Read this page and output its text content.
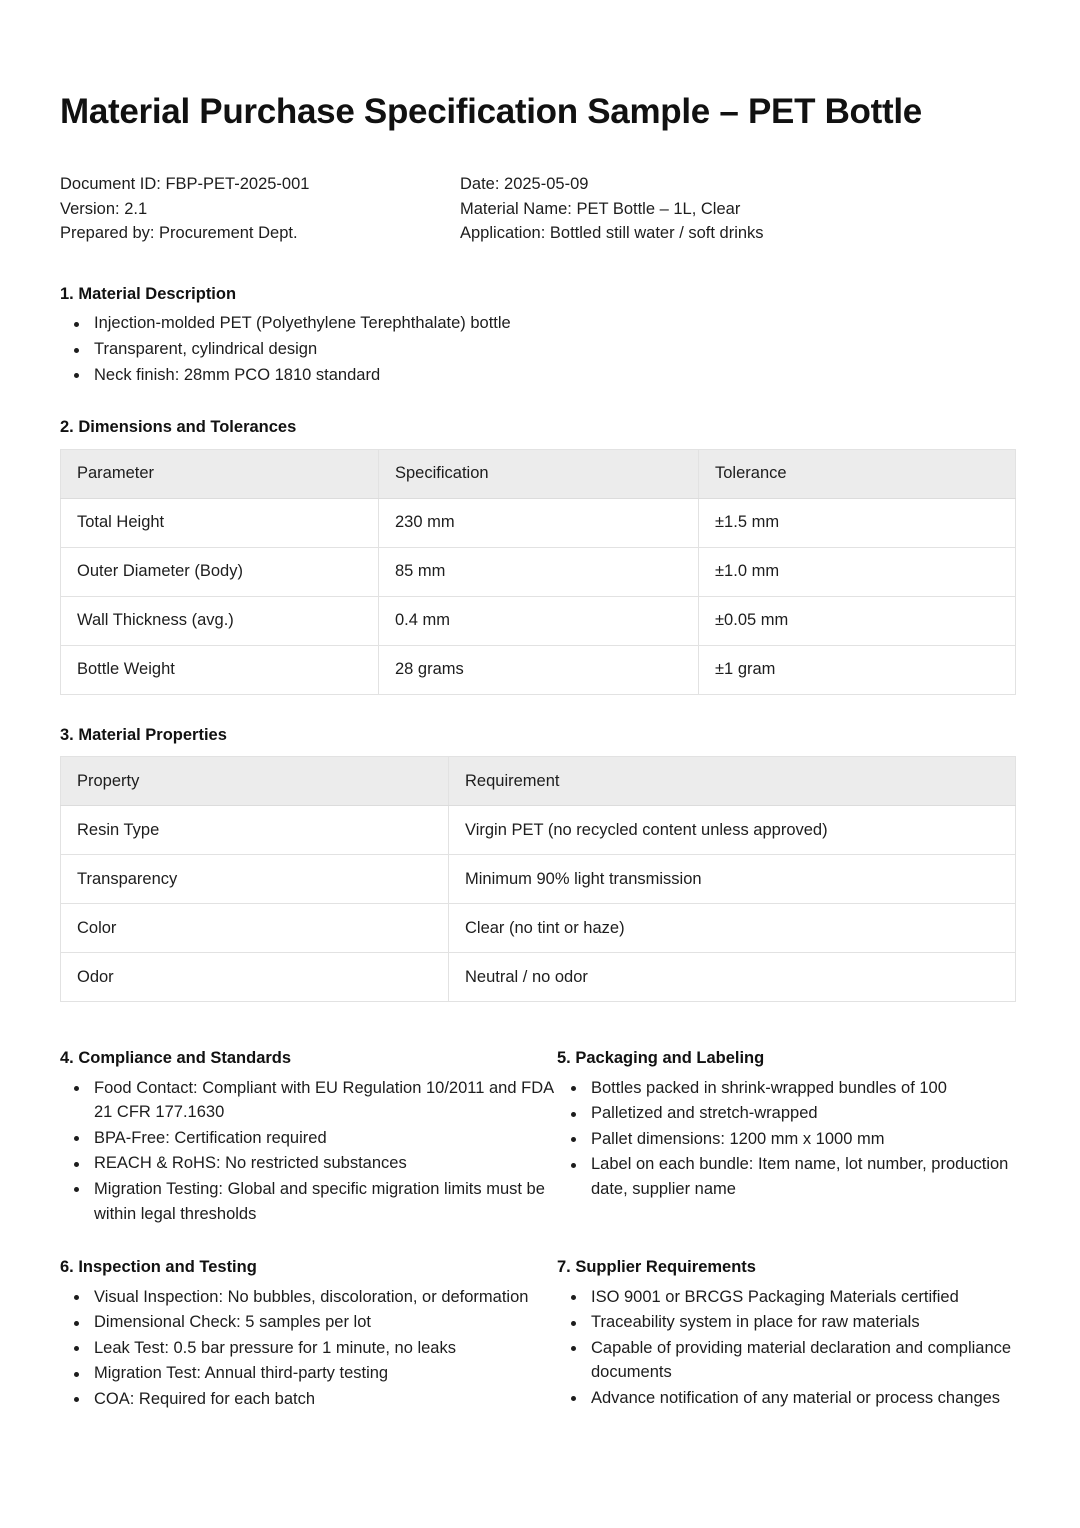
Material Purchase Specification Sample – PET Bottle
Document ID: FBP-PET-2025-001
Version: 2.1
Prepared by: Procurement Dept.
Date: 2025-05-09
Material Name: PET Bottle – 1L, Clear
Application: Bottled still water / soft drinks
1. Material Description
Injection-molded PET (Polyethylene Terephthalate) bottle
Transparent, cylindrical design
Neck finish: 28mm PCO 1810 standard
2. Dimensions and Tolerances
Parameter	Specification	Tolerance
Total Height	230 mm	±1.5 mm
Outer Diameter (Body)	85 mm	±1.0 mm
Wall Thickness (avg.)	0.4 mm	±0.05 mm
Bottle Weight	28 grams	±1 gram
3. Material Properties
Property	Requirement
Resin Type	Virgin PET (no recycled content unless approved)
Transparency	Minimum 90% light transmission
Color	Clear (no tint or haze)
Odor	Neutral / no odor
4. Compliance and Standards
Food Contact: Compliant with EU Regulation 10/2011 and FDA 21 CFR 177.1630
BPA-Free: Certification required
REACH & RoHS: No restricted substances
Migration Testing: Global and specific migration limits must be within legal thresholds
5. Packaging and Labeling
Bottles packed in shrink-wrapped bundles of 100
Palletized and stretch-wrapped
Pallet dimensions: 1200 mm x 1000 mm
Label on each bundle: Item name, lot number, production date, supplier name
6. Inspection and Testing
Visual Inspection: No bubbles, discoloration, or deformation
Dimensional Check: 5 samples per lot
Leak Test: 0.5 bar pressure for 1 minute, no leaks
Migration Test: Annual third-party testing
COA: Required for each batch
7. Supplier Requirements
ISO 9001 or BRCGS Packaging Materials certified
Traceability system in place for raw materials
Capable of providing material declaration and compliance documents
Advance notification of any material or process changes
